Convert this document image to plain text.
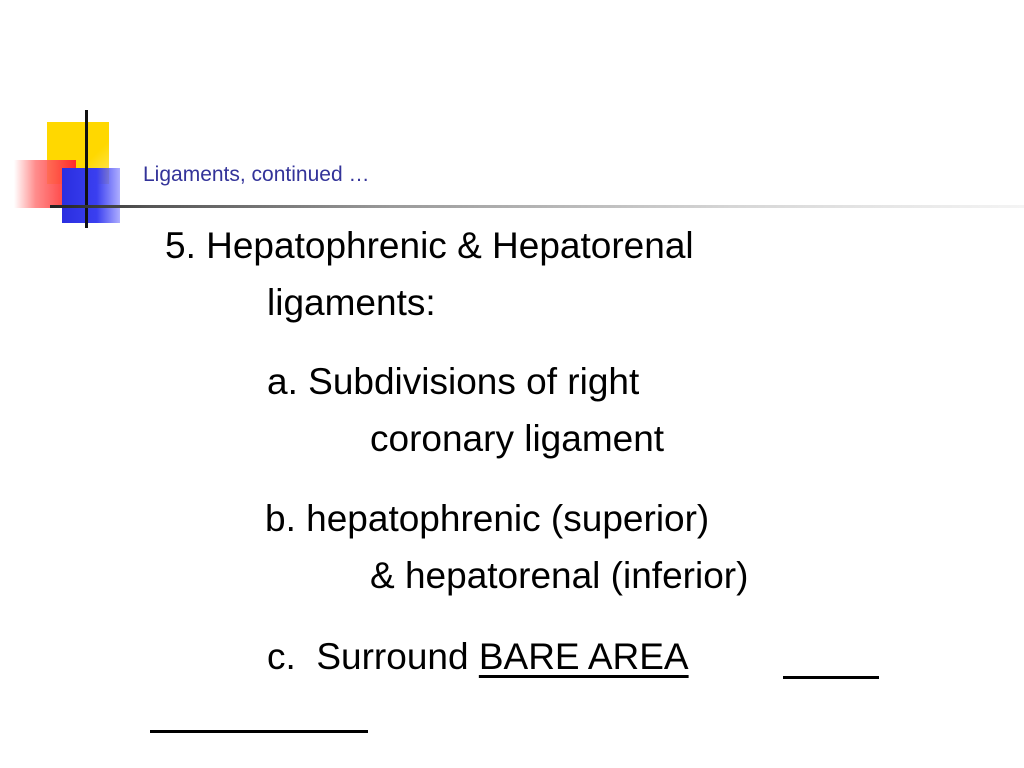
Ligaments, continued …
5. Hepatophrenic & Hepatorenal
ligaments:
a. Subdivisions of right
coronary ligament
b. hepatophrenic (superior)
& hepatorenal (inferior)
c.  Surround BARE AREA
